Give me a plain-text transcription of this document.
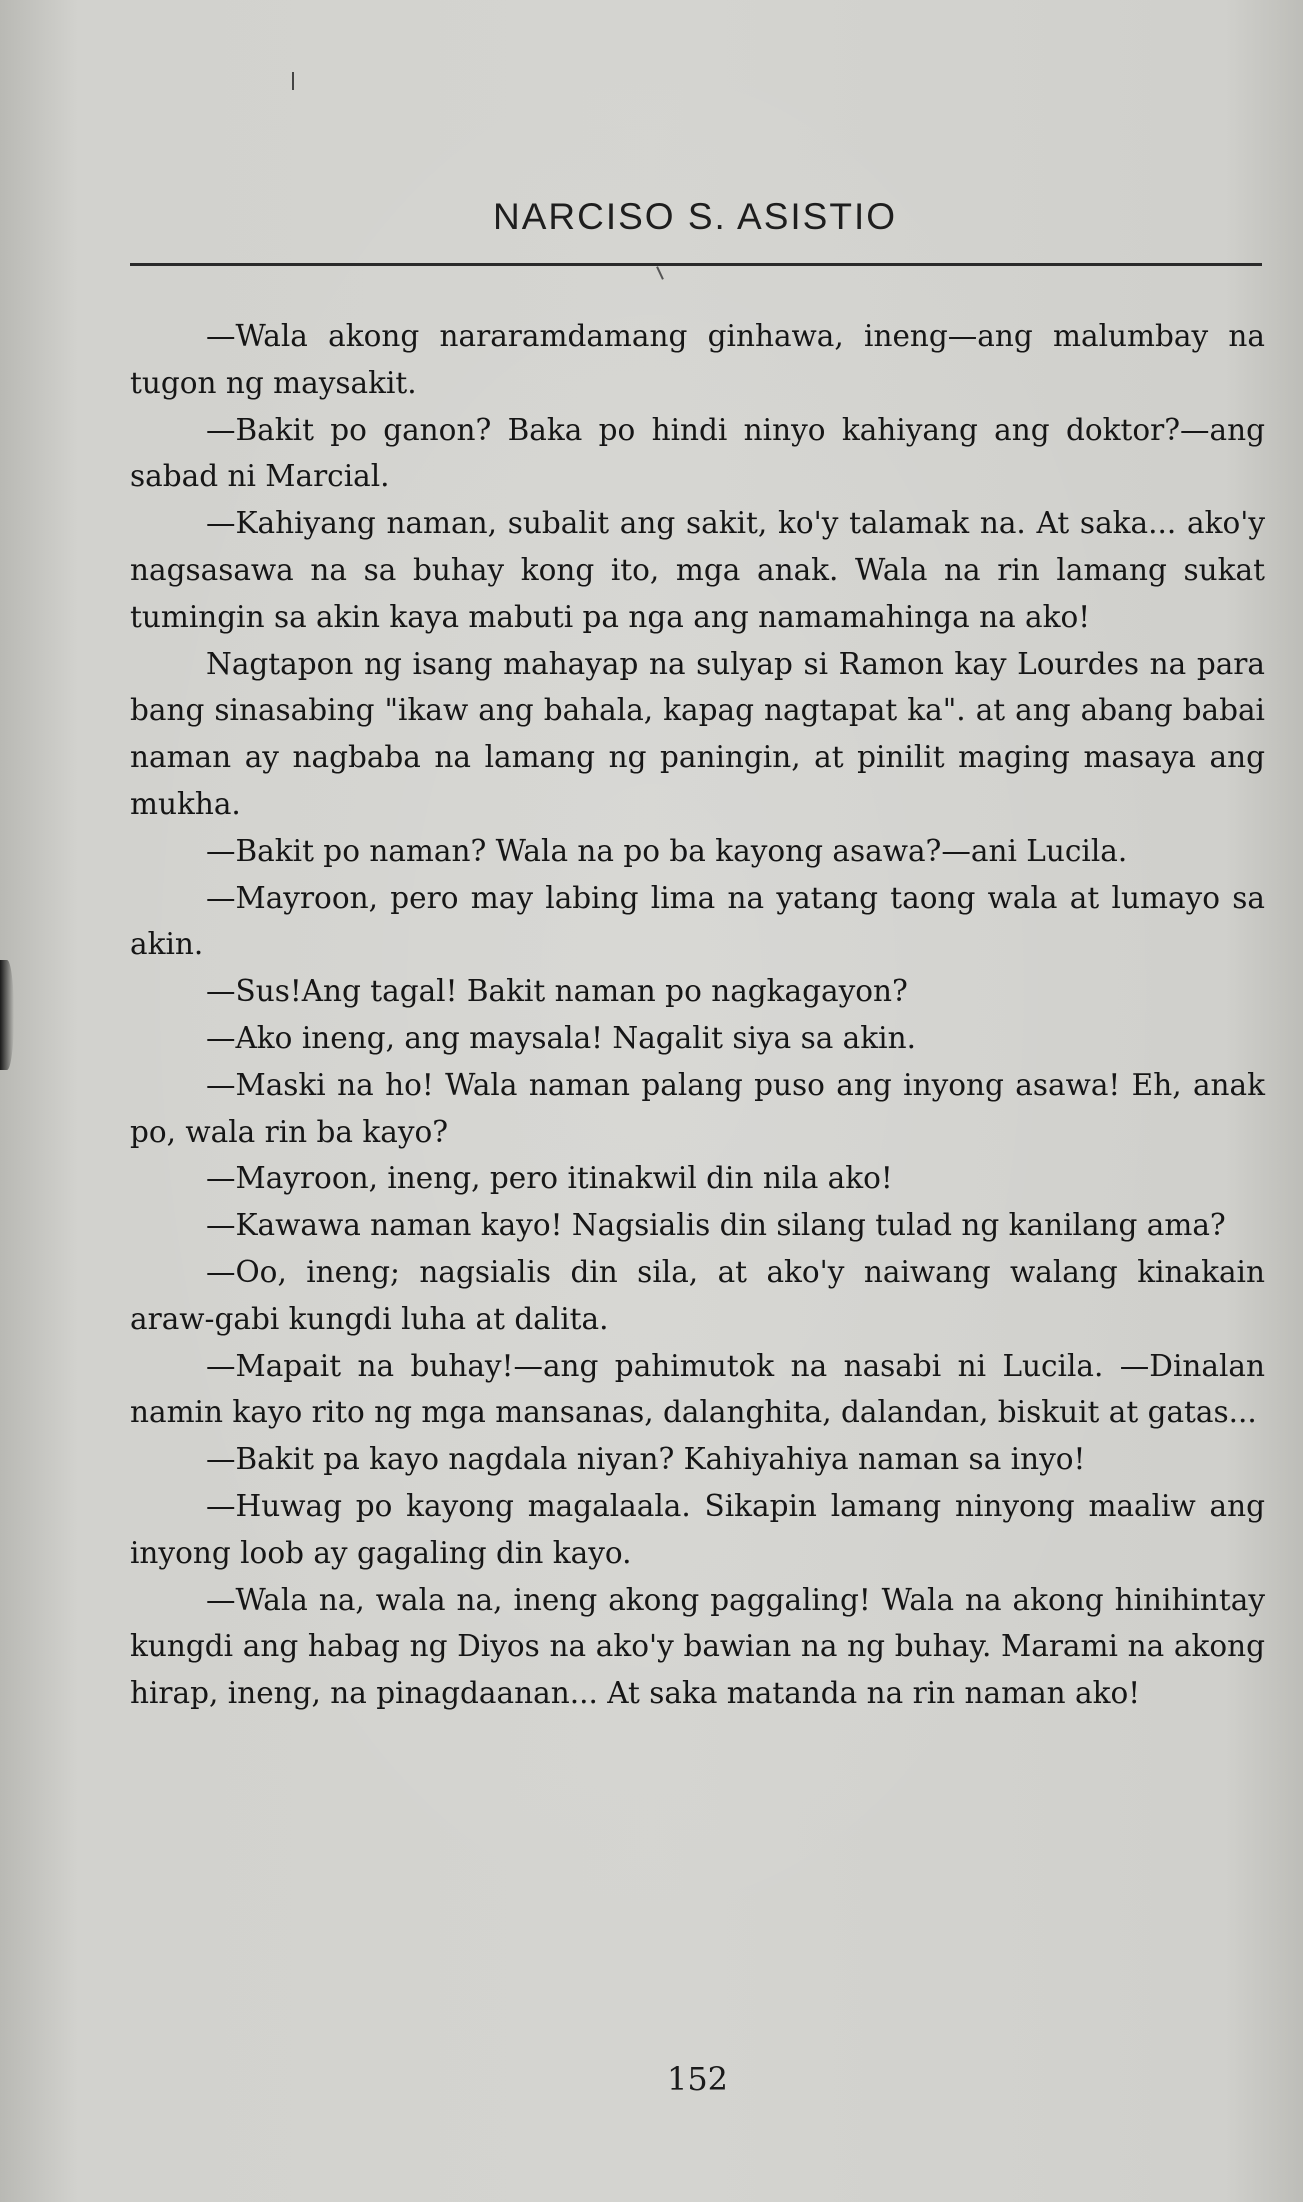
NARCISO S. ASISTIO

—Wala akong nararamdamang ginhawa, ineng—ang malumbay na tugon ng maysakit.

—Bakit po ganon? Baka po hindi ninyo kahiyang ang doktor?—ang sabad ni Marcial.

—Kahiyang naman, subalit ang sakit, ko'y talamak na. At saka... ako'y nagsasawa na sa buhay kong ito, mga anak. Wala na rin lamang sukat tumingin sa akin kaya mabuti pa nga ang namamahinga na ako!

Nagtapon ng isang mahayap na sulyap si Ramon kay Lourdes na para bang sinasabing "ikaw ang bahala, kapag nagtapat ka". at ang abang babai naman ay nagbaba na lamang ng paningin, at pinilit maging masaya ang mukha.

—Bakit po naman? Wala na po ba kayong asawa?—ani Lucila.

—Mayroon, pero may labing lima na yatang taong wala at lumayo sa akin.

—Sus!Ang tagal! Bakit naman po nagkagayon?

—Ako ineng, ang maysala! Nagalit siya sa akin.

—Maski na ho! Wala naman palang puso ang inyong asawa! Eh, anak po, wala rin ba kayo?

—Mayroon, ineng, pero itinakwil din nila ako!

—Kawawa naman kayo! Nagsialis din silang tulad ng kanilang ama?

—Oo, ineng; nagsialis din sila, at ako'y naiwang walang kinakain araw-gabi kungdi luha at dalita.

—Mapait na buhay!—ang pahimutok na nasabi ni Lucila. —Dinalan namin kayo rito ng mga mansanas, dalanghita, dalandan, biskuit at gatas...

—Bakit pa kayo nagdala niyan? Kahiyahiya naman sa inyo!

—Huwag po kayong magalaala. Sikapin lamang ninyong maaliw ang inyong loob ay gagaling din kayo.

—Wala na, wala na, ineng akong paggaling! Wala na akong hinihintay kungdi ang habag ng Diyos na ako'y bawian na ng buhay. Marami na akong hirap, ineng, na pinagdaanan... At saka matanda na rin naman ako!

152
